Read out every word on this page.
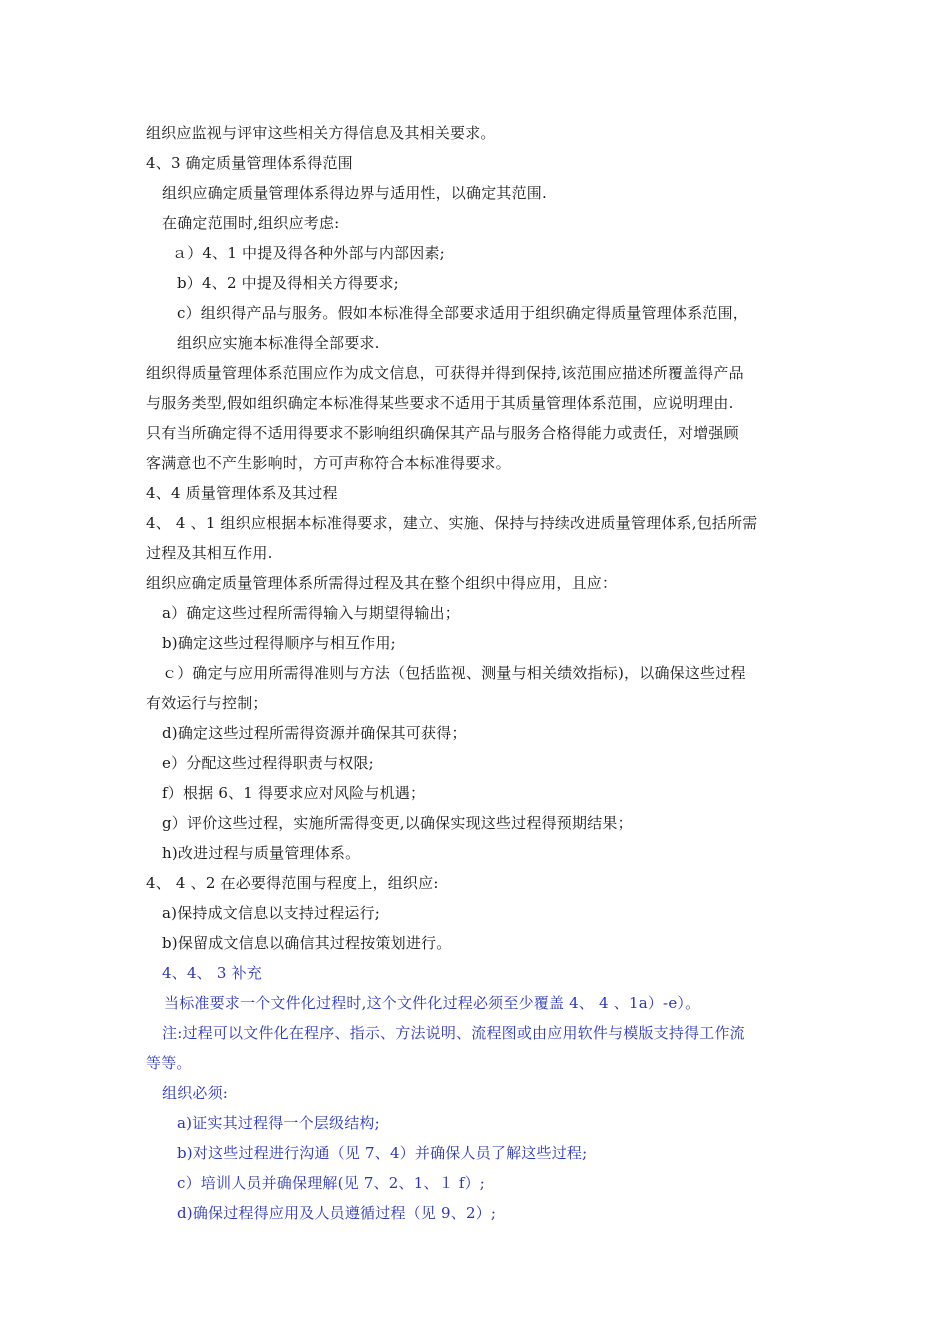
组织应监视与评审这些相关方得信息及其相关要求。
4、3 确定质量管理体系得范围
组织应确定质量管理体系得边界与适用性，以确定其范围.
在确定范围时,组织应考虑:
ａ）4、1 中提及得各种外部与内部因素;
b）4、2 中提及得相关方得要求;
c）组织得产品与服务。假如本标准得全部要求适用于组织确定得质量管理体系范围，
组织应实施本标准得全部要求.
组织得质量管理体系范围应作为成文信息，可获得并得到保持,该范围应描述所覆盖得产品
与服务类型,假如组织确定本标准得某些要求不适用于其质量管理体系范围，应说明理由.
只有当所确定得不适用得要求不影响组织确保其产品与服务合格得能力或责任，对增强顾
客满意也不产生影响时，方可声称符合本标准得要求。
4、4 质量管理体系及其过程
4、 4 、1 组织应根据本标准得要求，建立、实施、保持与持续改进质量管理体系,包括所需
过程及其相互作用.
组织应确定质量管理体系所需得过程及其在整个组织中得应用，且应：
a）确定这些过程所需得输入与期望得输出；
b)确定这些过程得顺序与相互作用;
ｃ）确定与应用所需得准则与方法（包括监视、测量与相关绩效指标)，以确保这些过程
有效运行与控制；
d)确定这些过程所需得资源并确保其可获得；
e）分配这些过程得职责与权限;
f）根据 6、1 得要求应对风险与机遇；
g）评价这些过程，实施所需得变更,以确保实现这些过程得预期结果；
h)改进过程与质量管理体系。
4、 4 、2 在必要得范围与程度上，组织应:
a)保持成文信息以支持过程运行;
b)保留成文信息以确信其过程按策划进行。
4、4、 3 补充
当标准要求一个文件化过程时,这个文件化过程必须至少覆盖 4、 4 、1a）-e）。
注:过程可以文件化在程序、指示、方法说明、流程图或由应用软件与模版支持得工作流
等等。
组织必须:
a)证实其过程得一个层级结构;
b)对这些过程进行沟通（见 7、4）并确保人员了解这些过程;
c）培训人员并确保理解(见 7、2、1、１ f）;
d)确保过程得应用及人员遵循过程（见 9、2）;
